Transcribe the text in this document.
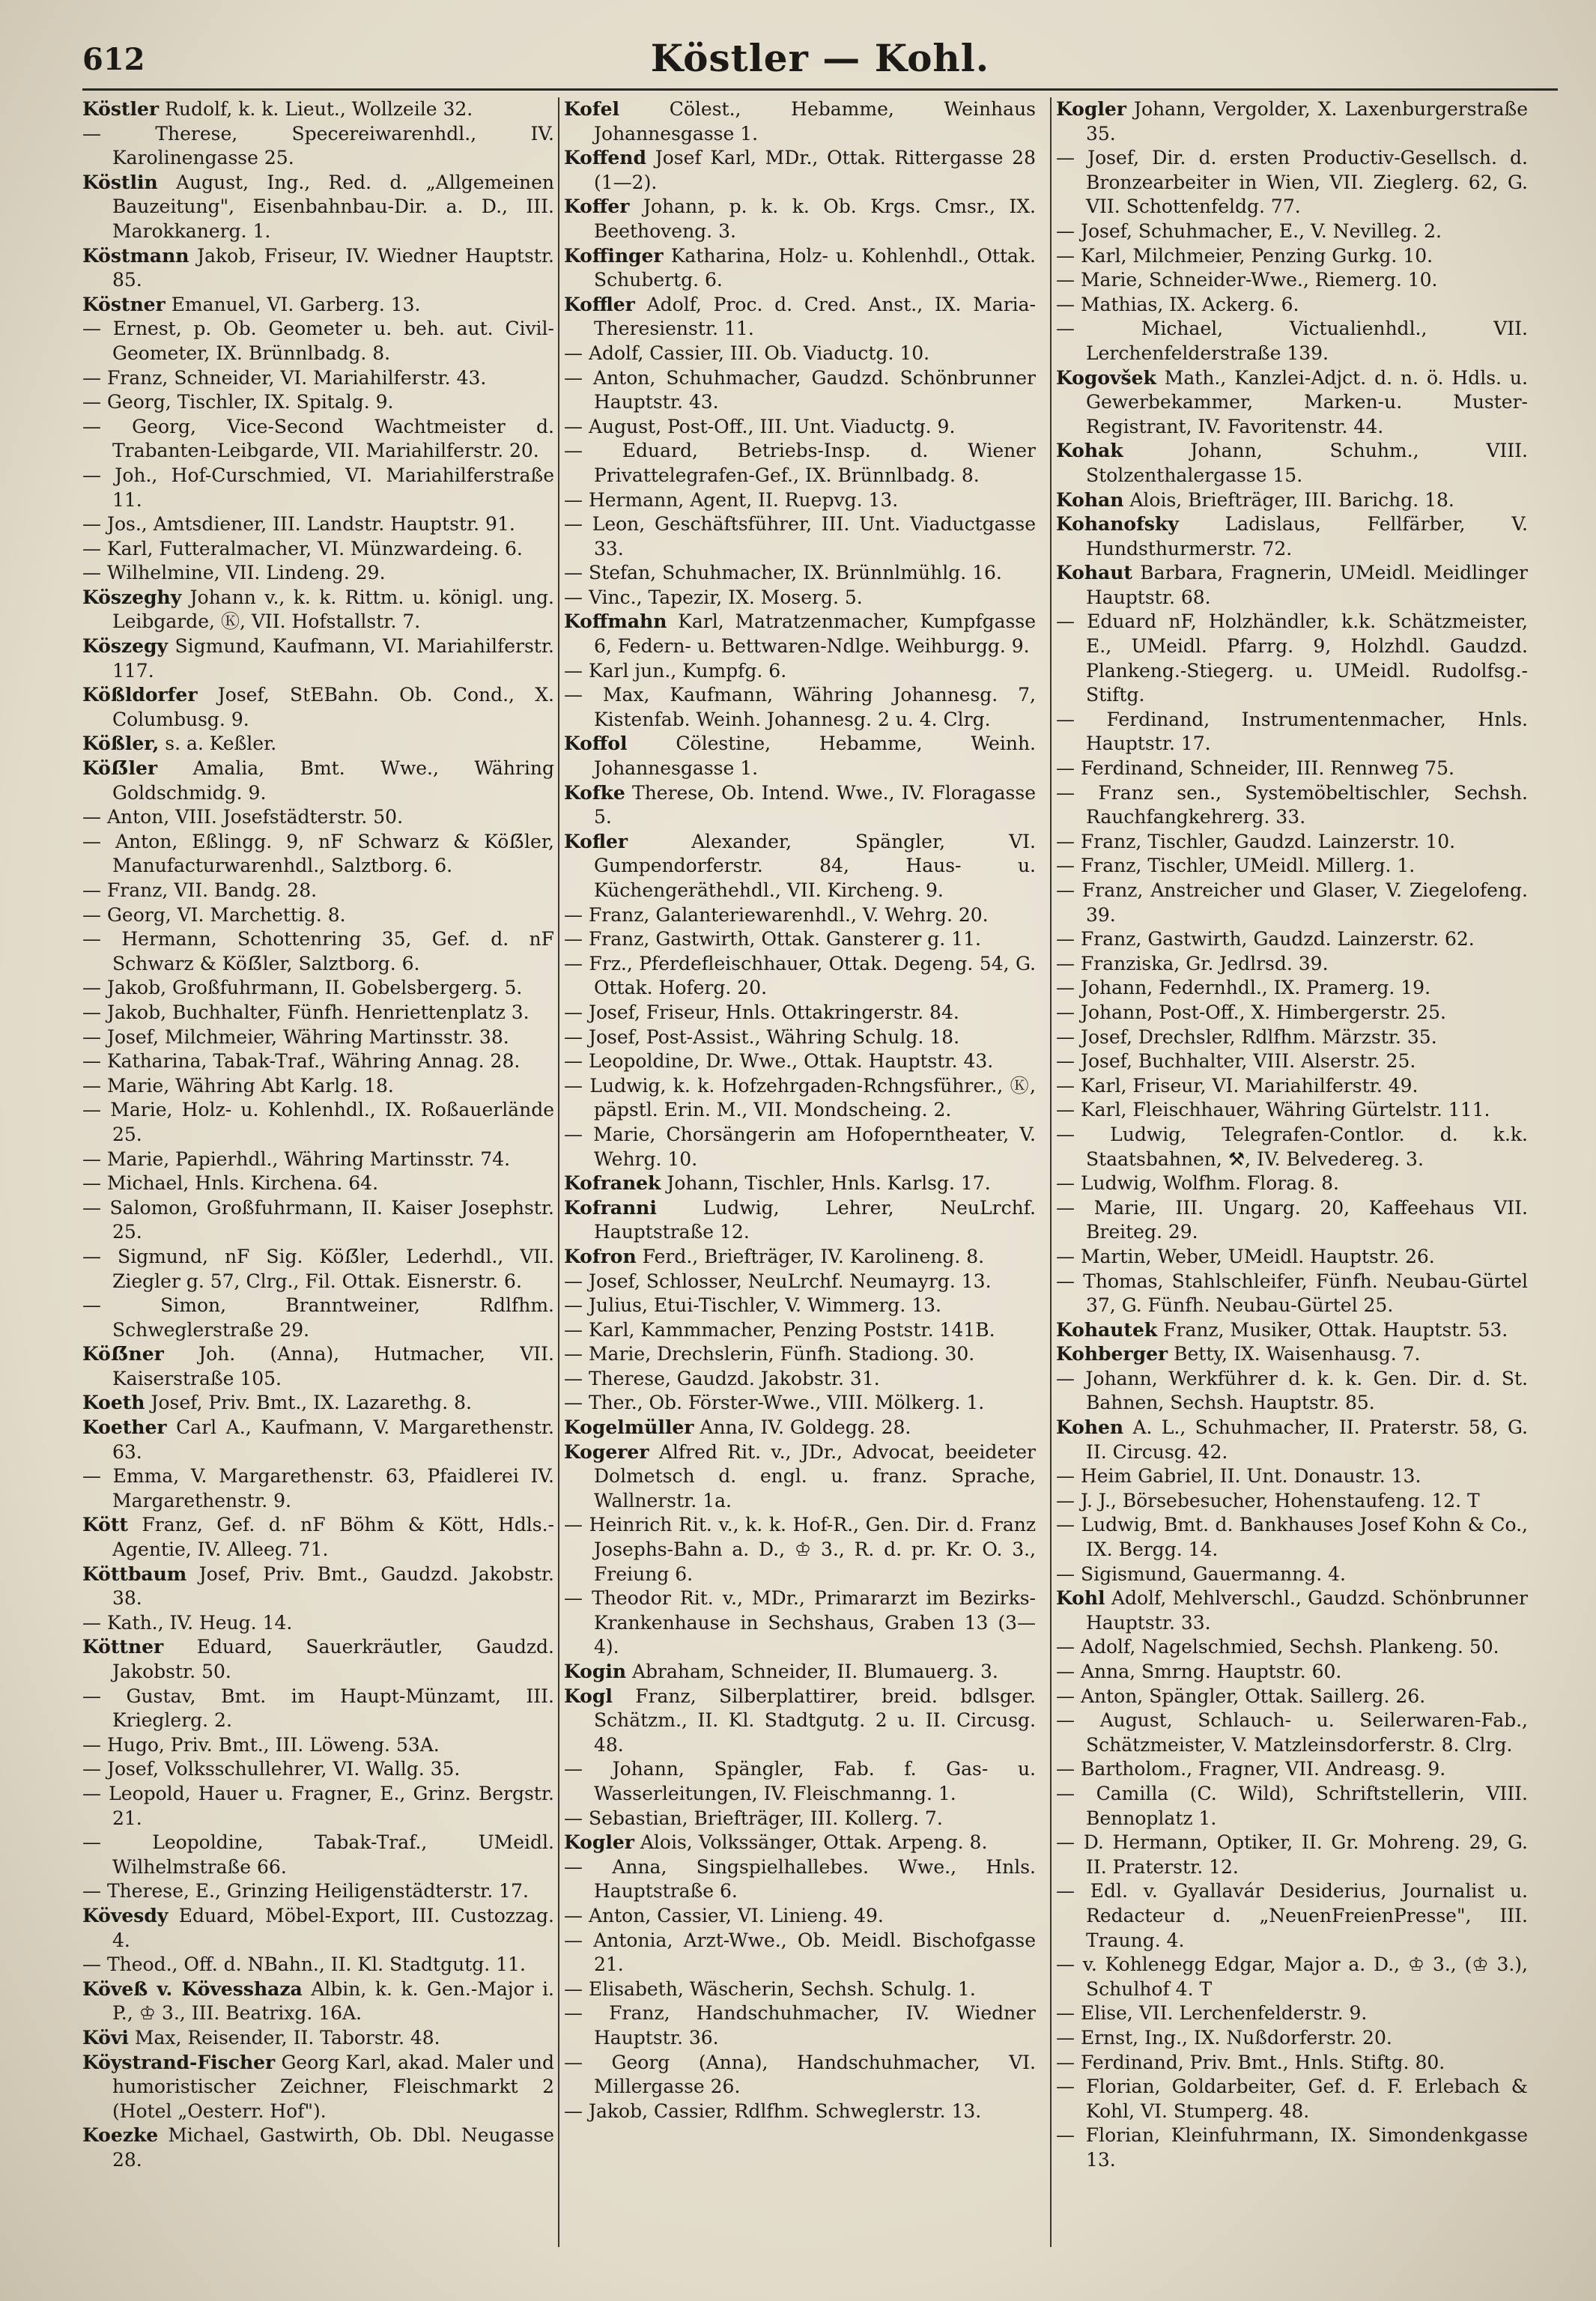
612	Köstler — Kohl.
Köstler Rudolf, k. k. Lieut., Wollzeile 32.
— Therese, Specereiwarenhdl., IV. Karolinengasse 25.
Köstlin August, Ing., Red. d. „Allgemeinen Bauzeitung", Eisenbahnbau-Dir. a. D., III. Marokkanerg. 1.
Köstmann Jakob, Friseur, IV. Wiedner Hauptstr. 85.
Köstner Emanuel, VI. Garberg. 13.
— Ernest, p. Ob. Geometer u. beh. aut. Civil-Geometer, IX. Brünnlbadg. 8.
— Franz, Schneider, VI. Mariahilferstr. 43.
— Georg, Tischler, IX. Spitalg. 9.
— Georg, Vice-Second Wachtmeister d. Trabanten-Leibgarde, VII. Mariahilferstr. 20.
— Joh., Hof-Curschmied, VI. Mariahilferstraße 11.
— Jos., Amtsdiener, III. Landstr. Hauptstr. 91.
— Karl, Futteralmacher, VI. Münzwardeing. 6.
— Wilhelmine, VII. Lindeng. 29.
Köszeghy Johann v., k. k. Rittm. u. königl. ung. Leibgarde, Ⓚ, VII. Hofstallstr. 7.
Köszegy Sigmund, Kaufmann, VI. Mariahilferstr. 117.
Kößldorfer Josef, StEBahn. Ob. Cond., X. Columbusg. 9.
Kößler, s. a. Keßler.
Köẞler Amalia, Bmt. Wwe., Währing Goldschmidg. 9.
— Anton, VIII. Josefstädterstr. 50.
— Anton, Eßlingg. 9, nF Schwarz & Köẞler, Manufacturwarenhdl., Salztborg. 6.
— Franz, VII. Bandg. 28.
— Georg, VI. Marchettig. 8.
— Hermann, Schottenring 35, Gef. d. nF Schwarz & Köẞler, Salztborg. 6.
— Jakob, Großfuhrmann, II. Gobelsbergerg. 5.
— Jakob, Buchhalter, Fünfh. Henriettenplatz 3.
— Josef, Milchmeier, Währing Martinsstr. 38.
— Katharina, Tabak-Traf., Währing Annag. 28.
— Marie, Währing Abt Karlg. 18.
— Marie, Holz- u. Kohlenhdl., IX. Roßauerlände 25.
— Marie, Papierhdl., Währing Martinsstr. 74.
— Michael, Hnls. Kirchena. 64.
— Salomon, Großfuhrmann, II. Kaiser Josephstr. 25.
— Sigmund, nF Sig. Köẞler, Lederhdl., VII. Ziegler g. 57, Clrg., Fil. Ottak. Eisnerstr. 6.
— Simon, Branntweiner, Rdlfhm. Schweglerstraße 29.
Köẞner Joh. (Anna), Hutmacher, VII. Kaiserstraße 105.
Koeth Josef, Priv. Bmt., IX. Lazarethg. 8.
Koether Carl A., Kaufmann, V. Margarethenstr. 63.
— Emma, V. Margarethenstr. 63, Pfaidlerei IV. Margarethenstr. 9.
Kött Franz, Gef. d. nF Böhm & Kött, Hdls.-Agentie, IV. Alleeg. 71.
Köttbaum Josef, Priv. Bmt., Gaudzd. Jakobstr. 38.
— Kath., IV. Heug. 14.
Köttner Eduard, Sauerkräutler, Gaudzd. Jakobstr. 50.
— Gustav, Bmt. im Haupt-Münzamt, III. Krieglerg. 2.
— Hugo, Priv. Bmt., III. Löweng. 53A.
— Josef, Volksschullehrer, VI. Wallg. 35.
— Leopold, Hauer u. Fragner, E., Grinz. Bergstr. 21.
— Leopoldine, Tabak-Traf., UMeidl. Wilhelmstraße 66.
— Therese, E., Grinzing Heiligenstädterstr. 17.
Kövesdy Eduard, Möbel-Export, III. Custozzag. 4.
— Theod., Off. d. NBahn., II. Kl. Stadtgutg. 11.
Köveß v. Kövesshaza Albin, k. k. Gen.-Major i. P., ♔ 3., III. Beatrixg. 16A.
Kövi Max, Reisender, II. Taborstr. 48.
Köystrand-Fischer Georg Karl, akad. Maler und humoristischer Zeichner, Fleischmarkt 2 (Hotel „Oesterr. Hof").
Koezke Michael, Gastwirth, Ob. Dbl. Neugasse 28.
Kofel	Cölest., Hebamme, Weinhaus Johannesgasse 1.
Koffend Josef Karl, MDr., Ottak. Rittergasse 28 (1—2).
Koffer Johann, p. k. k. Ob. Krgs. Cmsr., IX. Beethoveng. 3.
Koffinger Katharina, Holz- u. Kohlenhdl., Ottak. Schubertg. 6.
Koffler Adolf, Proc. d. Cred. Anst., IX. Maria-Theresienstr. 11.
— Adolf, Cassier, III. Ob. Viaductg. 10.
— Anton, Schuhmacher, Gaudzd. Schönbrunner Hauptstr. 43.
— August, Post-Off., III. Unt. Viaductg. 9.
— Eduard, Betriebs-Insp. d. Wiener Privattelegrafen-Gef., IX. Brünnlbadg. 8.
— Hermann, Agent, II. Ruepvg. 13.
— Leon, Geschäftsführer, III. Unt. Viaductgasse 33.
— Stefan, Schuhmacher, IX. Brünnlmühlg. 16.
— Vinc., Tapezir, IX. Moserg. 5.
Koffmahn Karl, Matratzenmacher, Kumpfgasse 6, Federn- u. Bettwaren-Ndlge. Weihburgg. 9.
— Karl jun., Kumpfg. 6.
— Max, Kaufmann, Währing Johannesg. 7, Kistenfab. Weinh. Johannesg. 2 u. 4. Clrg.
Koffol	Cölestine, Hebamme, Weinh. Johannesgasse 1.
Kofke Therese, Ob. Intend. Wwe., IV. Floragasse 5.
Kofler	Alexander, Spängler, VI. Gumpendorferstr. 84, Haus- u. Küchengeräthehdl., VII. Kircheng. 9.
— Franz, Galanteriewarenhdl., V. Wehrg. 20.
— Franz, Gastwirth, Ottak. Gansterer g. 11.
— Frz., Pferdefleischhauer, Ottak. Degeng. 54, G. Ottak. Hoferg. 20.
— Josef, Friseur, Hnls. Ottakringerstr. 84.
— Josef, Post-Assist., Währing Schulg. 18.
— Leopoldine, Dr. Wwe., Ottak. Hauptstr. 43.
— Ludwig, k. k. Hofzehrgaden-Rchngsführer., Ⓚ, päpstl. Erin. M., VII. Mondscheing. 2.
— Marie, Chorsängerin am Hofoperntheater, V. Wehrg. 10.
Kofranek Johann, Tischler, Hnls. Karlsg. 17.
Kofranni Ludwig, Lehrer, NeuLrchf. Hauptstraße 12.
Kofron Ferd., Briefträger, IV. Karolineng. 8.
— Josef, Schlosser, NeuLrchf. Neumayrg. 13.
— Julius, Etui-Tischler, V. Wimmerg. 13.
— Karl, Kammmacher, Penzing Poststr. 141B.
— Marie, Drechslerin, Fünfh. Stadiong. 30.
— Therese, Gaudzd. Jakobstr. 31.
— Ther., Ob. Förster-Wwe., VIII. Mölkerg. 1.
Kogelmüller Anna, IV. Goldegg. 28.
Kogerer Alfred Rit. v., JDr., Advocat, beeideter Dolmetsch d. engl. u. franz. Sprache, Wallnerstr. 1a.
— Heinrich Rit. v., k. k. Hof-R., Gen. Dir. d. Franz Josephs-Bahn a. D., ♔ 3., R. d. pr. Kr. O. 3., Freiung 6.
— Theodor Rit. v., MDr., Primararzt im Bezirks-Krankenhause in Sechshaus, Graben 13 (3—4).
Kogin Abraham, Schneider, II. Blumauerg. 3.
Kogl Franz, Silberplattirer, breid. bdlsger. Schätzm., II. Kl. Stadtgutg. 2 u. II. Circusg. 48.
— Johann, Spängler, Fab. f. Gas- u. Wasserleitungen, IV. Fleischmanng. 1.
— Sebastian, Briefträger, III. Kollerg. 7.
Kogler Alois, Volkssänger, Ottak. Arpeng. 8.
— Anna, Singspielhallebes. Wwe., Hnls. Hauptstraße 6.
— Anton, Cassier, VI. Linieng. 49.
— Antonia, Arzt-Wwe., Ob. Meidl. Bischofgasse 21.
— Elisabeth, Wäscherin, Sechsh. Schulg. 1.
— Franz, Handschuhmacher, IV. Wiedner Hauptstr. 36.
— Georg (Anna), Handschuhmacher, VI. Millergasse 26.
— Jakob, Cassier, Rdlfhm. Schweglerstr. 13.
Kogler Johann, Vergolder, X. Laxenburgerstraße 35.
— Josef, Dir. d. ersten Productiv-Gesellsch. d. Bronzearbeiter in Wien, VII. Zieglerg. 62, G. VII. Schottenfeldg. 77.
— Josef, Schuhmacher, E., V. Nevilleg. 2.
— Karl, Milchmeier, Penzing Gurkg. 10.
— Marie, Schneider-Wwe., Riemerg. 10.
— Mathias, IX. Ackerg. 6.
— Michael, Victualienhdl., VII. Lerchenfelderstraße 139.
Kogovšek Math., Kanzlei-Adjct. d. n. ö. Hdls. u. Gewerbekammer, Marken-u. Muster-Registrant, IV. Favoritenstr. 44.
Kohak	Johann, Schuhm., VIII. Stolzenthalergasse 15.
Kohan Alois, Briefträger, III. Barichg. 18.
Kohanofsky Ladislaus, Fellfärber, V. Hundsthurmerstr. 72.
Kohaut Barbara, Fragnerin, UMeidl. Meidlinger Hauptstr. 68.
— Eduard nF, Holzhändler, k.k. Schätzmeister, E., UMeidl. Pfarrg. 9, Holzhdl. Gaudzd. Plankeng.-Stiegerg. u. UMeidl. Rudolfsg.-Stiftg.
— Ferdinand, Instrumentenmacher, Hnls. Hauptstr. 17.
— Ferdinand, Schneider, III. Rennweg 75.
— Franz sen., Systemöbeltischler, Sechsh. Rauchfangkehrerg. 33.
— Franz, Tischler, Gaudzd. Lainzerstr. 10.
— Franz, Tischler, UMeidl. Millerg. 1.
— Franz, Anstreicher und Glaser, V. Ziegelofeng. 39.
— Franz, Gastwirth, Gaudzd. Lainzerstr. 62.
— Franziska, Gr. Jedlrsd. 39.
— Johann, Federnhdl., IX. Pramerg. 19.
— Johann, Post-Off., X. Himbergerstr. 25.
— Josef, Drechsler, Rdlfhm. Märzstr. 35.
— Josef, Buchhalter, VIII. Alserstr. 25.
— Karl, Friseur, VI. Mariahilferstr. 49.
— Karl, Fleischhauer, Währing Gürtelstr. 111.
— Ludwig, Telegrafen-Contlor. d. k.k. Staatsbahnen, ⚒, IV. Belvedereg. 3.
— Ludwig, Wolfhm. Florag. 8.
— Marie, III. Ungarg. 20, Kaffeehaus VII. Breiteg. 29.
— Martin, Weber, UMeidl. Hauptstr. 26.
— Thomas, Stahlschleifer, Fünfh. Neubau-Gürtel 37, G. Fünfh. Neubau-Gürtel 25.
Kohautek Franz, Musiker, Ottak. Hauptstr. 53.
Kohberger Betty, IX. Waisenhausg. 7.
— Johann, Werkführer d. k. k. Gen. Dir. d. St. Bahnen, Sechsh. Hauptstr. 85.
Kohen A. L., Schuhmacher, II. Praterstr. 58, G. II. Circusg. 42.
— Heim Gabriel, II. Unt. Donaustr. 13.
— J. J., Börsebesucher, Hohenstaufeng. 12. T
— Ludwig, Bmt. d. Bankhauses Josef Kohn & Co., IX. Bergg. 14.
— Sigismund, Gauermanng. 4.
Kohl Adolf, Mehlverschl., Gaudzd. Schönbrunner Hauptstr. 33.
— Adolf, Nagelschmied, Sechsh. Plankeng. 50.
— Anna, Smrng. Hauptstr. 60.
— Anton, Spängler, Ottak. Saillerg. 26.
— August, Schlauch- u. Seilerwaren-Fab., Schätzmeister, V. Matzleinsdorferstr. 8. Clrg.
— Bartholom., Fragner, VII. Andreasg. 9.
— Camilla (C. Wild), Schriftstellerin, VIII. Bennoplatz 1.
— D. Hermann, Optiker, II. Gr. Mohreng. 29, G. II. Praterstr. 12.
— Edl. v. Gyallavár Desiderius, Journalist u. Redacteur d. „NeuenFreienPresse", III. Traung. 4.
— v. Kohlenegg Edgar, Major a. D., ♔ 3., (♔ 3.), Schulhof 4. T
— Elise, VII. Lerchenfelderstr. 9.
— Ernst, Ing., IX. Nußdorferstr. 20.
— Ferdinand, Priv. Bmt., Hnls. Stiftg. 80.
— Florian, Goldarbeiter, Gef. d. F. Erlebach & Kohl, VI. Stumperg. 48.
— Florian, Kleinfuhrmann, IX. Simondenkgasse 13.
